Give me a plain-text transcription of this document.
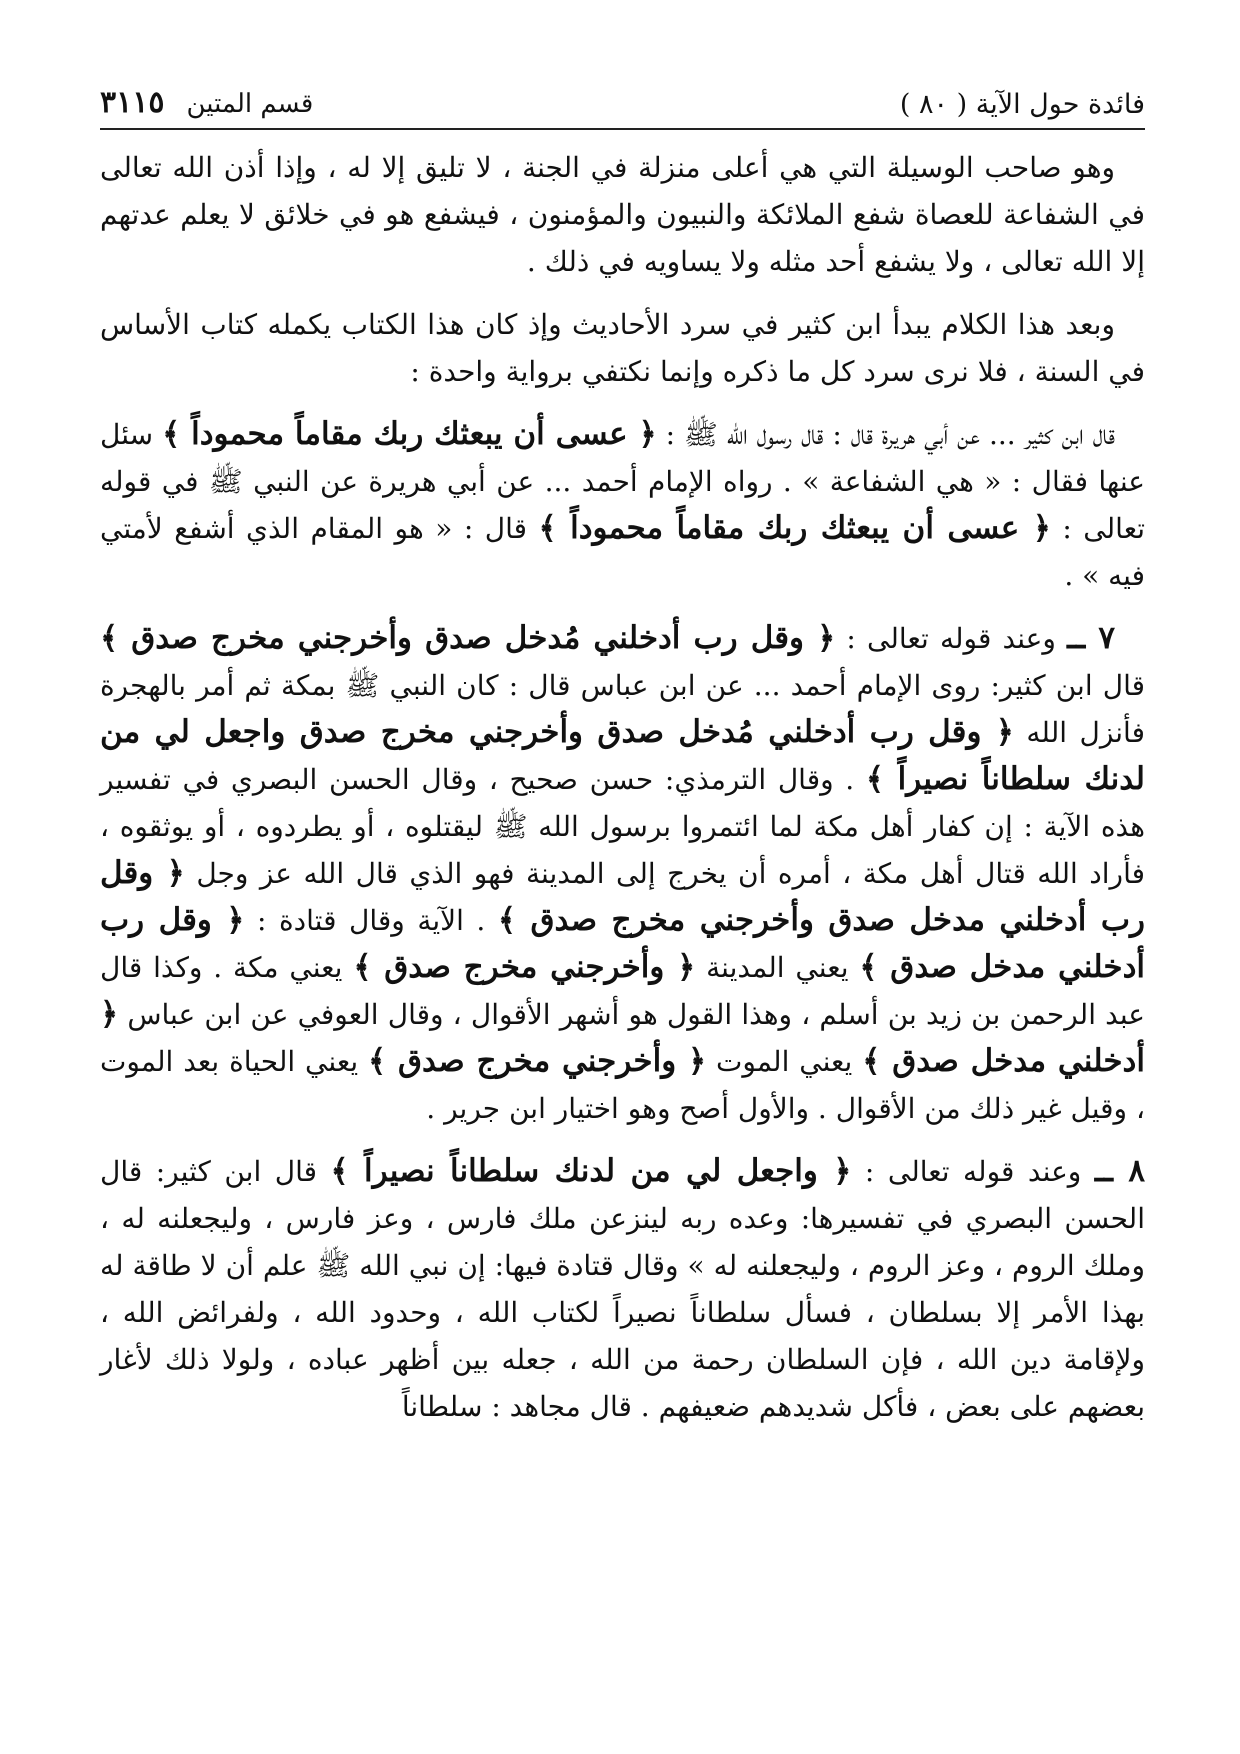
فائدة حول الآية ( ٨٠ )
قسم المتين
٣١١٥

وهو صاحب الوسيلة التي هي أعلى منزلة في الجنة ، لا تليق إلا له ، وإذا أذن الله تعالى في الشفاعة للعصاة شفع الملائكة والنبيون والمؤمنون ، فيشفع هو في خلائق لا يعلم عدتهم إلا الله تعالى ، ولا يشفع أحد مثله ولا يساويه في ذلك .

وبعد هذا الكلام يبدأ ابن كثير في سرد الأحاديث وإذ كان هذا الكتاب يكمله كتاب الأساس في السنة ، فلا نرى سرد كل ما ذكره وإنما نكتفي برواية واحدة :

قال ابن كثير ... عن أبي هريرة قال : قال رسول الله ﷺ : ﴿ عسى أن يبعثك ربك مقاماً محموداً ﴾ سئل عنها فقال : « هي الشفاعة » . رواه الإمام أحمد ... عن أبي هريرة عن النبي ﷺ في قوله تعالى : ﴿ عسى أن يبعثك ربك مقاماً محموداً ﴾ قال : « هو المقام الذي أشفع لأمتي فيه » .

٧ ــ وعند قوله تعالى : ﴿ وقل رب أدخلني مُدخل صدق وأخرجني مخرج صدق ﴾ قال ابن كثير: روى الإمام أحمد ... عن ابن عباس قال : كان النبي ﷺ بمكة ثم أمر بالهجرة فأنزل الله ﴿ وقل رب أدخلني مُدخل صدق وأخرجني مخرج صدق واجعل لي من لدنك سلطاناً نصيراً ﴾ . وقال الترمذي: حسن صحيح ، وقال الحسن البصري في تفسير هذه الآية : إن كفار أهل مكة لما ائتمروا برسول الله ﷺ ليقتلوه ، أو يطردوه ، أو يوثقوه ، فأراد الله قتال أهل مكة ، أمره أن يخرج إلى المدينة فهو الذي قال الله عز وجل ﴿ وقل رب أدخلني مدخل صدق وأخرجني مخرج صدق ﴾ . الآية وقال قتادة : ﴿ وقل رب أدخلني مدخل صدق ﴾ يعني المدينة ﴿ وأخرجني مخرج صدق ﴾ يعني مكة . وكذا قال عبد الرحمن بن زيد بن أسلم ، وهذا القول هو أشهر الأقوال ، وقال العوفي عن ابن عباس ﴿ أدخلني مدخل صدق ﴾ يعني الموت ﴿ وأخرجني مخرج صدق ﴾ يعني الحياة بعد الموت ، وقيل غير ذلك من الأقوال . والأول أصح وهو اختيار ابن جرير .

٨ ــ وعند قوله تعالى : ﴿ واجعل لي من لدنك سلطاناً نصيراً ﴾ قال ابن كثير: قال الحسن البصري في تفسيرها: وعده ربه لينزعن ملك فارس ، وعز فارس ، وليجعلنه له ، وملك الروم ، وعز الروم ، وليجعلنه له » وقال قتادة فيها: إن نبي الله ﷺ علم أن لا طاقة له بهذا الأمر إلا بسلطان ، فسأل سلطاناً نصيراً لكتاب الله ، وحدود الله ، ولفرائض الله ، ولإقامة دين الله ، فإن السلطان رحمة من الله ، جعله بين أظهر عباده ، ولولا ذلك لأغار بعضهم على بعض ، فأكل شديدهم ضعيفهم . قال مجاهد : سلطاناً
